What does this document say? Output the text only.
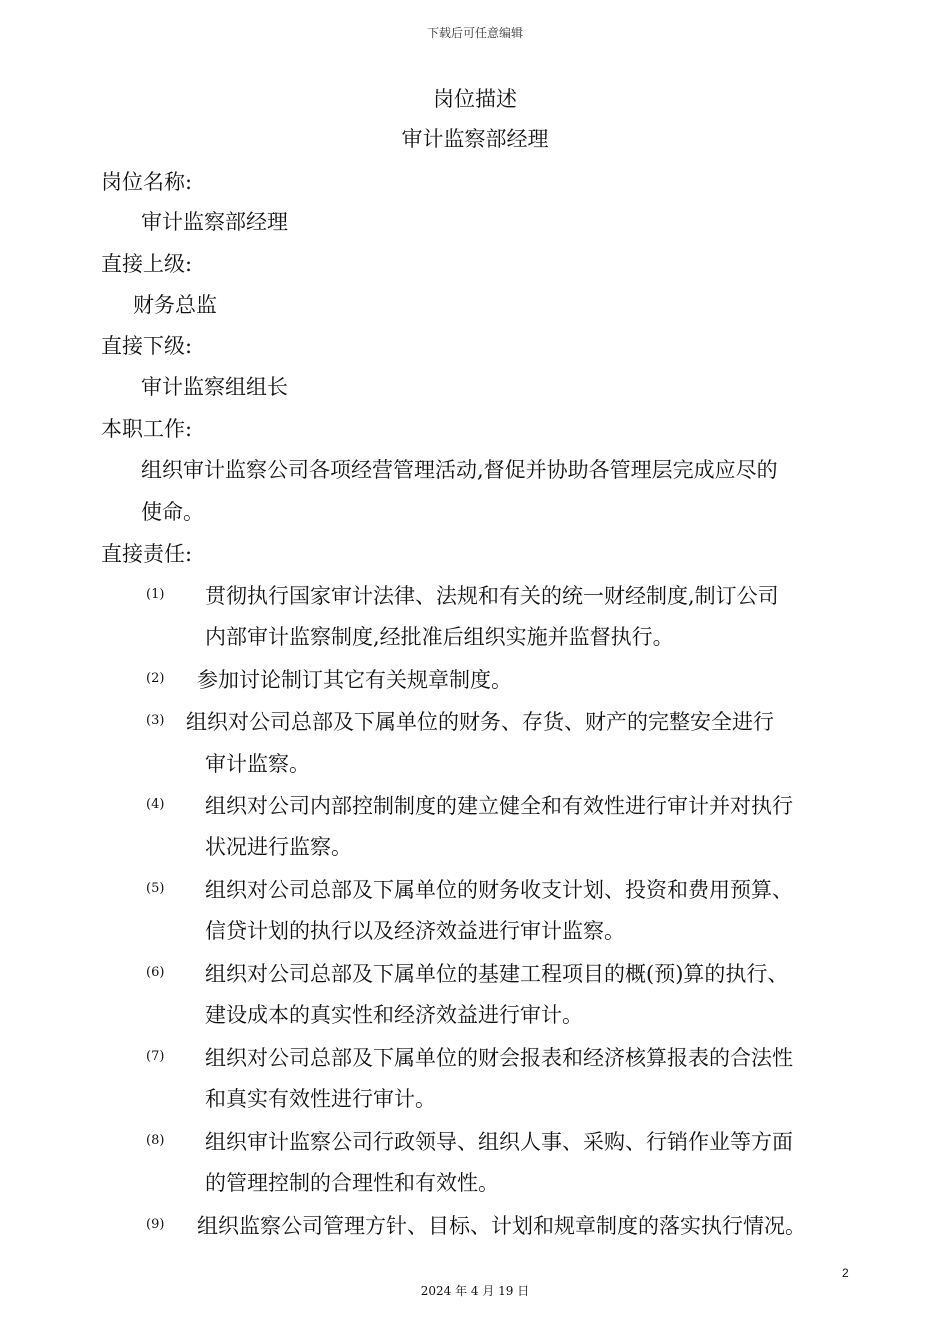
下载后可任意编辑
岗位描述
审计监察部经理
岗位名称:
审计监察部经理
直接上级:
财务总监
直接下级:
审计监察组组长
本职工作:
组织审计监察公司各项经营管理活动,督促并协助各管理层完成应尽的
使命。
直接责任:
(1) 贯彻执行国家审计法律、法规和有关的统一财经制度,制订公司
内部审计监察制度,经批准后组织实施并监督执行。
(2) 参加讨论制订其它有关规章制度。
(3) 组织对公司总部及下属单位的财务、存货、财产的完整安全进行
审计监察。
(4) 组织对公司内部控制制度的建立健全和有效性进行审计并对执行
状况进行监察。
(5) 组织对公司总部及下属单位的财务收支计划、投资和费用预算、
信贷计划的执行以及经济效益进行审计监察。
(6) 组织对公司总部及下属单位的基建工程项目的概(预)算的执行、
建设成本的真实性和经济效益进行审计。
(7) 组织对公司总部及下属单位的财会报表和经济核算报表的合法性
和真实有效性进行审计。
(8) 组织审计监察公司行政领导、组织人事、采购、行销作业等方面
的管理控制的合理性和有效性。
(9) 组织监察公司管理方针、目标、计划和规章制度的落实执行情况。
2
2024 年 4 月 19 日
